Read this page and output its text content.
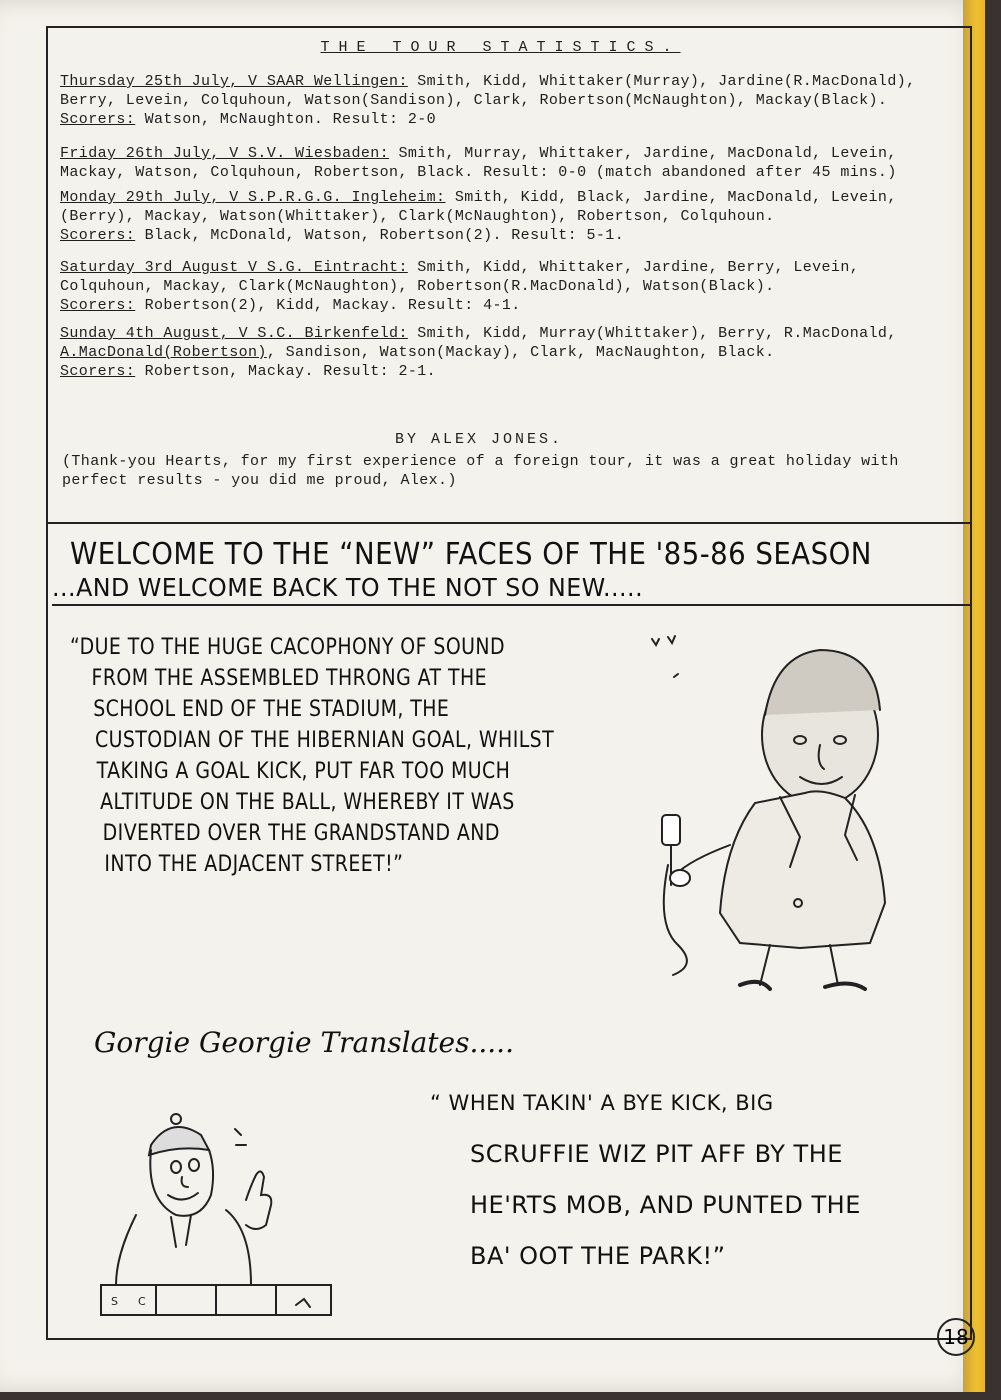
THE TOUR STATISTICS.

Thursday 25th July, V SAAR Wellingen: Smith, Kidd, Whittaker(Murray), Jardine(R.MacDonald),

Berry, Levein, Colquhoun, Watson(Sandison), Clark, Robertson(McNaughton), Mackay(Black).

Scorers: Watson, McNaughton. Result: 2-0

Friday 26th July, V S.V. Wiesbaden: Smith, Murray, Whittaker, Jardine, MacDonald, Levein,

Mackay, Watson, Colquhoun, Robertson, Black. Result: 0-0 (match abandoned after 45 mins.)

Monday 29th July, V S.P.R.G.G. Ingleheim: Smith, Kidd, Black, Jardine, MacDonald, Levein,

(Berry), Mackay, Watson(Whittaker), Clark(McNaughton), Robertson, Colquhoun.

Scorers: Black, McDonald, Watson, Robertson(2). Result: 5-1.

Saturday 3rd August V S.G. Eintracht: Smith, Kidd, Whittaker, Jardine, Berry, Levein,

Colquhoun, Mackay, Clark(McNaughton), Robertson(R.MacDonald), Watson(Black).

Scorers: Robertson(2), Kidd, Mackay. Result: 4-1.

Sunday 4th August, V S.C. Birkenfeld: Smith, Kidd, Murray(Whittaker), Berry, R.MacDonald,

A.MacDonald(Robertson), Sandison, Watson(Mackay), Clark, MacNaughton, Black.

Scorers: Robertson, Mackay. Result: 2-1.

BY ALEX JONES.

(Thank-you Hearts, for my first experience of a foreign tour, it was a great holiday with

perfect results - you did me proud, Alex.)

WELCOME TO THE “NEW” FACES OF THE '85-86 SEASON
...AND WELCOME BACK TO THE NOT SO NEW.....
“DUE TO THE HUGE CACOPHONY OF SOUND
FROM THE ASSEMBLED THRONG AT THE
SCHOOL END OF THE STADIUM, THE
CUSTODIAN OF THE HIBERNIAN GOAL, WHILST
TAKING A GOAL KICK, PUT FAR TOO MUCH
ALTITUDE ON THE BALL, WHEREBY IT WAS
DIVERTED OVER THE GRANDSTAND AND
INTO THE ADJACENT STREET!”
Gorgie Georgie Translates.....
“ WHEN TAKIN' A BYE KICK, BIG
SCRUFFIE WIZ PIT AFF BY THE
HE'RTS MOB, AND PUNTED THE
BA' OOT THE PARK!”
S C
18
